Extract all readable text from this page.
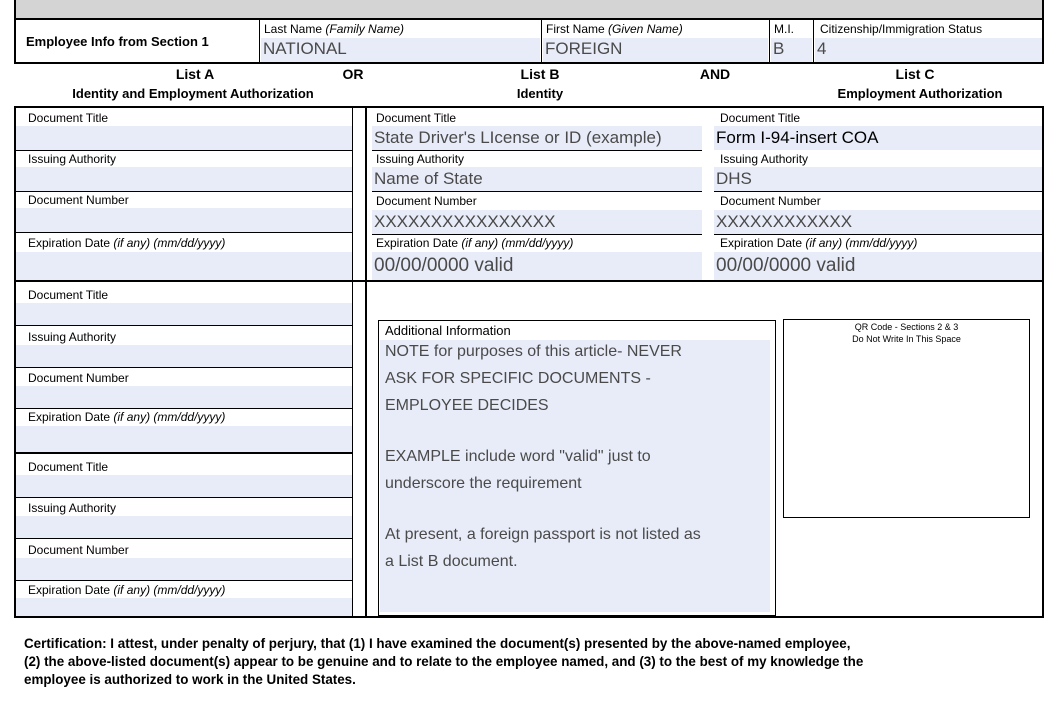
Employee Info from Section 1
Last Name (Family Name)
NATIONAL
First Name (Given Name)
FOREIGN
M.I.
B
Citizenship/Immigration Status
4
List A
Identity and Employment Authorization
OR	List B
Identity
AND	List C
Employment Authorization
Document Title
Issuing Authority
Document Number
Expiration Date (if any) (mm/dd/yyyy)
Document Title
Issuing Authority
Document Number
Expiration Date (if any) (mm/dd/yyyy)
Document Title
Issuing Authority
Document Number
Expiration Date (if any) (mm/dd/yyyy)
Document Title
State Driver's LIcense or ID (example)
Issuing Authority
Name of State
Document Number
XXXXXXXXXXXXXXXX
Expiration Date (if any) (mm/dd/yyyy)
00/00/0000 valid
Document Title
Form I-94-insert COA
Issuing Authority
DHS
Document Number
XXXXXXXXXXXX
Expiration Date (if any) (mm/dd/yyyy)
00/00/0000 valid
Additional Information
NOTE for purposes of this article- NEVER
ASK FOR SPECIFIC DOCUMENTS -
EMPLOYEE DECIDES
EXAMPLE include word "valid" just to
underscore the requirement
At present, a foreign passport is not listed as
a List B document.
QR Code - Sections 2 & 3
Do Not Write In This Space
Certification: I attest, under penalty of perjury, that (1) I have examined the document(s) presented by the above-named employee,
(2) the above-listed document(s) appear to be genuine and to relate to the employee named, and (3) to the best of my knowledge the
employee is authorized to work in the United States.
